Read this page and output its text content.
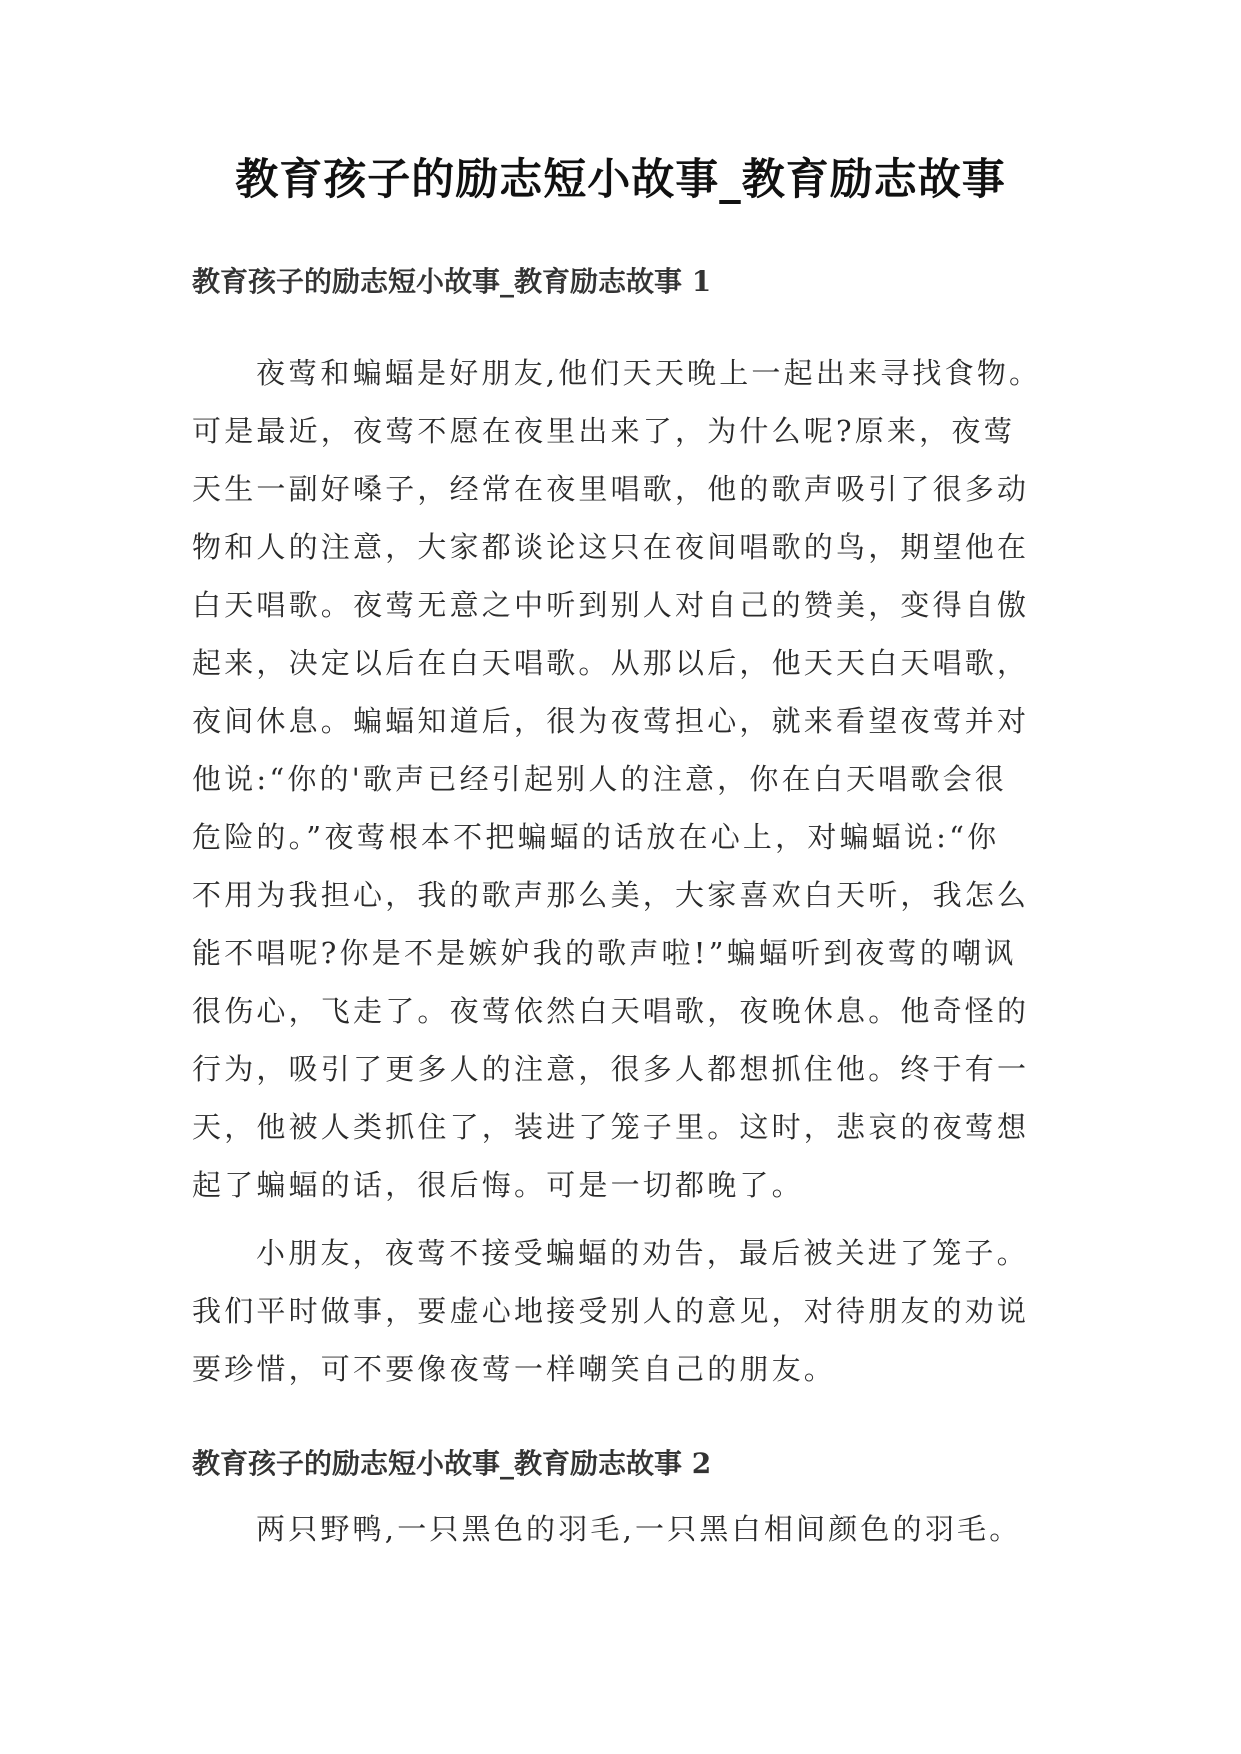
教育孩子的励志短小故事_教育励志故事
教育孩子的励志短小故事_教育励志故事 1
夜莺和蝙蝠是好朋友,他们天天晚上一起出来寻找食物。
可是最近，夜莺不愿在夜里出来了，为什么呢?原来，夜莺
天生一副好嗓子，经常在夜里唱歌，他的歌声吸引了很多动
物和人的注意，大家都谈论这只在夜间唱歌的鸟，期望他在
白天唱歌。夜莺无意之中听到别人对自己的赞美，变得自傲
起来，决定以后在白天唱歌。从那以后，他天天白天唱歌，
夜间休息。蝙蝠知道后，很为夜莺担心，就来看望夜莺并对
他说:“你的'歌声已经引起别人的注意，你在白天唱歌会很
危险的。”夜莺根本不把蝙蝠的话放在心上，对蝙蝠说:“你
不用为我担心，我的歌声那么美，大家喜欢白天听，我怎么
能不唱呢?你是不是嫉妒我的歌声啦!”蝙蝠听到夜莺的嘲讽
很伤心，飞走了。夜莺依然白天唱歌，夜晚休息。他奇怪的
行为，吸引了更多人的注意，很多人都想抓住他。终于有一
天，他被人类抓住了，装进了笼子里。这时，悲哀的夜莺想
起了蝙蝠的话，很后悔。可是一切都晚了。
小朋友，夜莺不接受蝙蝠的劝告，最后被关进了笼子。
我们平时做事，要虚心地接受别人的意见，对待朋友的劝说
要珍惜，可不要像夜莺一样嘲笑自己的朋友。
教育孩子的励志短小故事_教育励志故事 2
两只野鸭,一只黑色的羽毛,一只黑白相间颜色的羽毛。
